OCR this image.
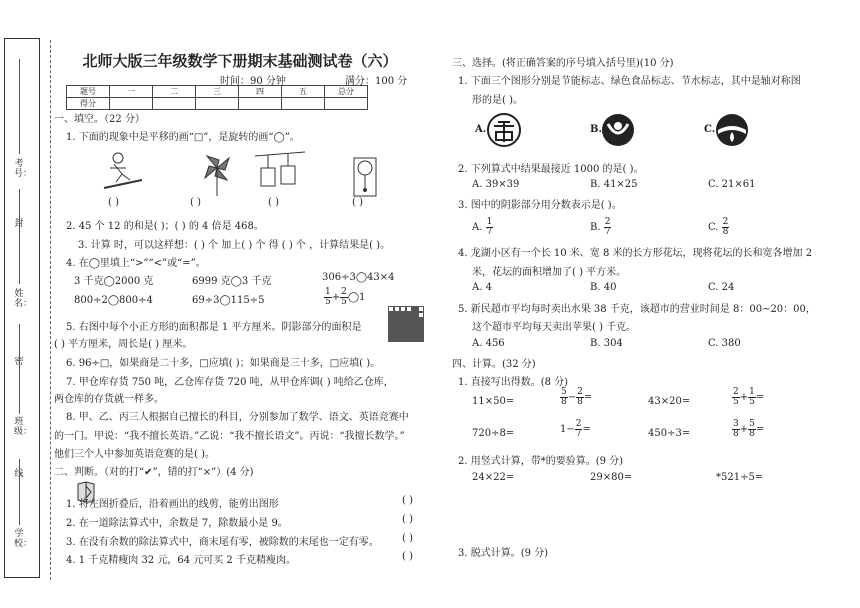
考号：
封
姓名：
密
班级：
线
学校：
北师大版三年级数学下册期末基础测试卷（六）
时间：90 分钟	满分：100 分
题号	一	二	三	四	五	总分
得分						
一、填空。（22 分）
1. 下面的现象中是平移的画“□”，是旋转的画“◯”。
( )	( )	( )	( )
2. 45 个 12 的和是( )；( ) 的 4 倍是 468。
3. 计算 时，可以这样想：( ) 个 加上( ) 个 得 ( ) 个 ，计算结果是( )。
4. 在◯里填上“>”“<”或“=”。
3 千克◯2000 克	6999 克◯3 千克	306÷3◯43×4
800÷2◯800÷4	69÷3◯115÷5	$\frac{1}{5} + \frac{2}{5}$ ◯1
5. 右图中每个小正方形的面积都是 1 平方厘米。阴影部分的面积是
( ) 平方厘米，周长是( ) 厘米。
6. 96÷□，如果商是二十多，□应填( )；如果商是三十多，□应填( )。
7. 甲仓库存货 750 吨，乙仓库存货 720 吨，从甲仓库调( ) 吨给乙仓库，
两仓库的存货就一样多。
8. 甲、乙、丙三人根据自己擅长的科目，分别参加了数学、语文、英语竞赛中
的一门。甲说：“我不擅长英语。”乙说：“我不擅长语文”。丙说：“我擅长数学。”
他们三个人中参加英语竞赛的是( )。
二、判断。（对的打“✔”，错的打“×”）(4 分)
1. 将左图折叠后，沿着画出的线剪，能剪出图形	( )
2. 在一道除法算式中，余数是 7，除数最小是 9。	( )
3. 在没有余数的除法算式中，商末尾有零，被除数的末尾也一定有零。 ( )
4. 1 千克精瘦肉 32 元，64 元可买 2 千克精瘦肉。	( )
三、选择。(将正确答案的序号填入括号里)(10 分)
1. 下面三个图形分别是节能标志、绿色食品标志、节水标志，其中是轴对称图
形的是( )。
A.	B.	C.
2. 下列算式中结果最接近 1000 的是( )。
A. 39×39	B. 41×25	C. 21×61
3. 图中的阴影部分用分数表示是( )。
A. $\frac{1}{7}$	B. $\frac{2}{7}$	C. $\frac{2}{8}$
4. 龙湖小区有一个长 10 米、宽 8 米的长方形花坛，现将花坛的长和宽各增加 2
米，花坛的面积增加了( ) 平方米。
A. 4	B. 40	C. 24
5. 新民超市平均每时卖出水果 38 千克，该超市的营业时间是 8：00~20：00，
这个超市平均每天卖出苹果( ) 千克。
A. 456	B. 304	C. 380
四、计算。(32 分)
1. 直接写出得数。(8 分)
11×50=	$\frac{5}{8} - \frac{2}{8}$ =	43×20=	$\frac{2}{5} + \frac{1}{5}$ =
720÷8=	$1- \frac{2}{7}$ =	450÷3=	$\frac{3}{8} + \frac{5}{8}$ =
2. 用竖式计算，带*的要验算。(9 分)
24×22=	29×80=	*521÷5=
3. 脱式计算。(9 分)
